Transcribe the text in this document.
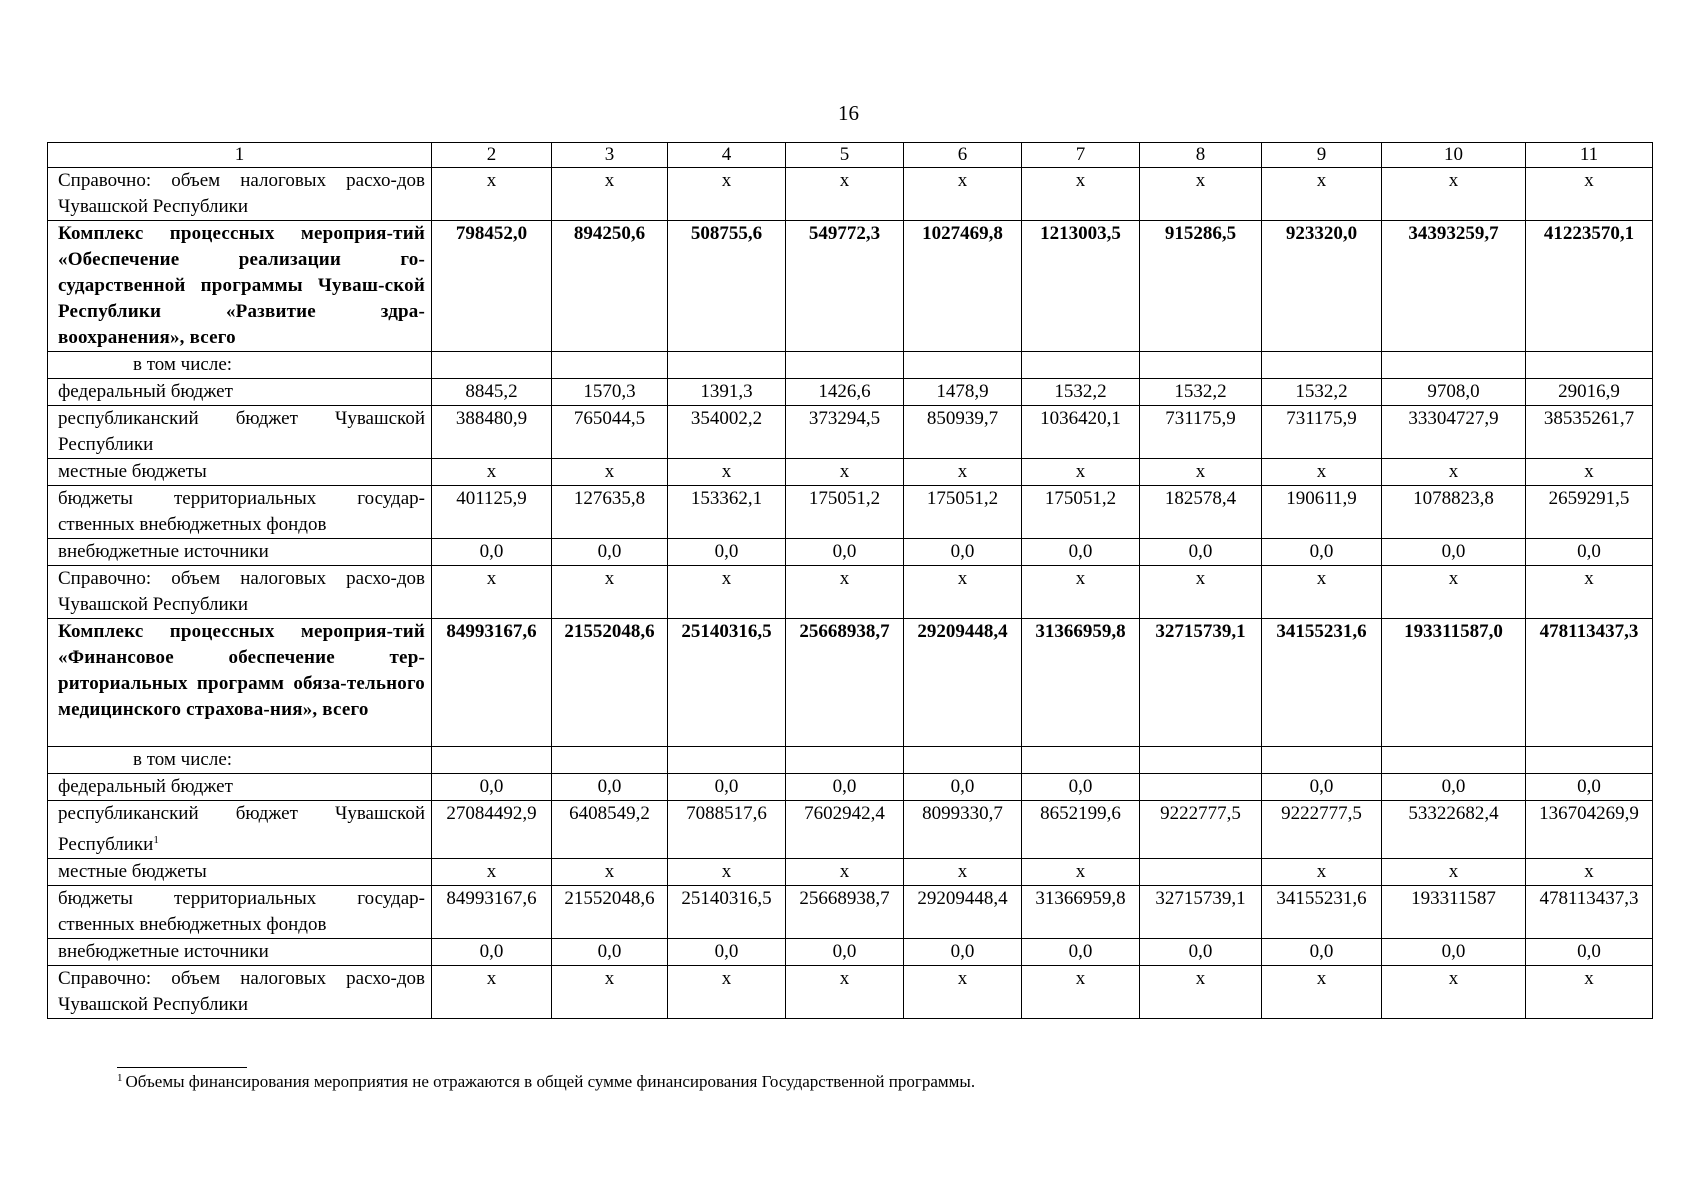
16
1	2	3	4	5	6	7	8	9	10	11
Справочно: объем налоговых расхо-дов Чувашской Республики	х	х	х	х	х	х	х	х	х	х
Комплекс процессных мероприя-тий «Обеспечение реализации го-сударственной программы Чуваш-ской Республики «Развитие здра-воохранения», всего	798452,0	894250,6	508755,6	549772,3	1027469,8	1213003,5	915286,5	923320,0	34393259,7	41223570,1
в том числе:										
федеральный бюджет	8845,2	1570,3	1391,3	1426,6	1478,9	1532,2	1532,2	1532,2	9708,0	29016,9
республиканский бюджет Чувашской Республики	388480,9	765044,5	354002,2	373294,5	850939,7	1036420,1	731175,9	731175,9	33304727,9	38535261,7
местные бюджеты	х	х	х	х	х	х	х	х	х	х
бюджеты территориальных государ-ственных внебюджетных фондов	401125,9	127635,8	153362,1	175051,2	175051,2	175051,2	182578,4	190611,9	1078823,8	2659291,5
внебюджетные источники	0,0	0,0	0,0	0,0	0,0	0,0	0,0	0,0	0,0	0,0
Справочно: объем налоговых расхо-дов Чувашской Республики	х	х	х	х	х	х	х	х	х	х
Комплекс процессных мероприя-тий «Финансовое обеспечение тер-риториальных программ обяза-тельного медицинского страхова-ния», всего	84993167,6	21552048,6	25140316,5	25668938,7	29209448,4	31366959,8	32715739,1	34155231,6	193311587,0	478113437,3
в том числе:										
федеральный бюджет	0,0	0,0	0,0	0,0	0,0	0,0		0,0	0,0	0,0
республиканский бюджет Чувашской Республики$^1$	27084492,9	6408549,2	7088517,6	7602942,4	8099330,7	8652199,6	9222777,5	9222777,5	53322682,4	136704269,9
местные бюджеты	х	х	х	х	х	х		х	х	х
бюджеты территориальных государ-ственных внебюджетных фондов	84993167,6	21552048,6	25140316,5	25668938,7	29209448,4	31366959,8	32715739,1	34155231,6	193311587	478113437,3
внебюджетные источники	0,0	0,0	0,0	0,0	0,0	0,0	0,0	0,0	0,0	0,0
Справочно: объем налоговых расхо-дов Чувашской Республики	х	х	х	х	х	х	х	х	х	х
$^1$ Объемы финансирования мероприятия не отражаются в общей сумме финансирования Государственной программы.
